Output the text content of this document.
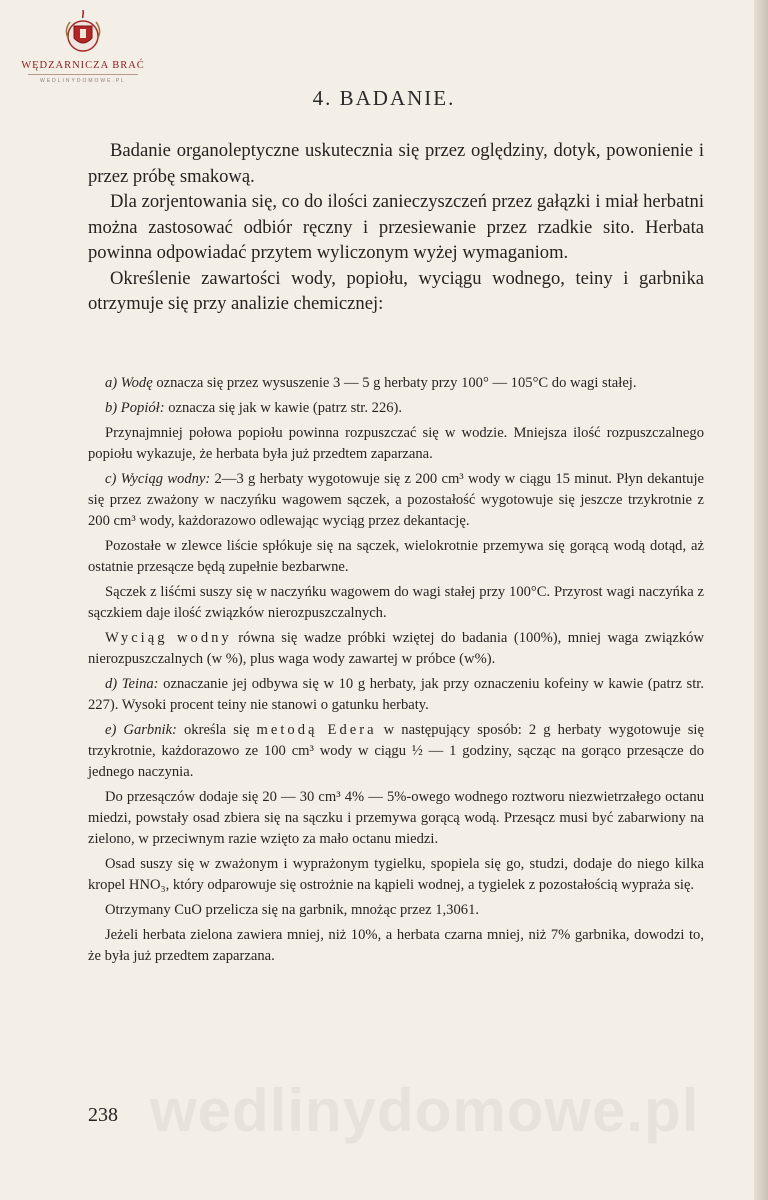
WĘDZARNICZA BRAĆ
WEDLINYDOMOWE.PL
4. BADANIE.

Badanie organoleptyczne uskutecznia się przez oględziny, dotyk, powonienie i przez próbę smakową.

Dla zorjentowania się, co do ilości zanieczyszczeń przez gałązki i miał herbatni można zastosować odbiór ręczny i przesiewanie przez rzadkie sito. Herbata powinna odpowiadać przytem wyliczonym wyżej wymaganiom.

Określenie zawartości wody, popiołu, wyciągu wodnego, teiny i garbnika otrzymuje się przy analizie chemicznej:

a) Wodę oznacza się przez wysuszenie 3 — 5 g herbaty przy 100° — 105°C do wagi stałej.

b) Popiół: oznacza się jak w kawie (patrz str. 226).

Przynajmniej połowa popiołu powinna rozpuszczać się w wodzie. Mniejsza ilość rozpuszczalnego popiołu wykazuje, że herbata była już przedtem zaparzana.

c) Wyciąg wodny: 2—3 g herbaty wygotowuje się z 200 cm³ wody w ciągu 15 minut. Płyn dekantuje się przez zważony w naczyńku wagowem sączek, a pozostałość wygotowuje się jeszcze trzykrotnie z 200 cm³ wody, każdorazowo odlewając wyciąg przez dekantację.

Pozostałe w zlewce liście spłókuje się na sączek, wielokrotnie przemywa się gorącą wodą dotąd, aż ostatnie przesącze będą zupełnie bezbarwne.

Sączek z liśćmi suszy się w naczyńku wagowem do wagi stałej przy 100°C. Przyrost wagi naczyńka z sączkiem daje ilość związków nierozpuszczalnych.

Wyciąg wodny równa się wadze próbki wziętej do badania (100%), mniej waga związków nierozpuszczalnych (w %), plus waga wody zawartej w próbce (w%).

d) Teina: oznaczanie jej odbywa się w 10 g herbaty, jak przy oznaczeniu kofeiny w kawie (patrz str. 227). Wysoki procent teiny nie stanowi o gatunku herbaty.

e) Garbnik: określa się metodą Edera w następujący sposób: 2 g herbaty wygotowuje się trzykrotnie, każdorazowo ze 100 cm³ wody w ciągu ½ — 1 godziny, sącząc na gorąco przesącze do jednego naczynia.

Do przesączów dodaje się 20 — 30 cm³ 4% — 5%-owego wodnego roztworu niezwietrzałego octanu miedzi, powstały osad zbiera się na sączku i przemywa gorącą wodą. Przesącz musi być zabarwiony na zielono, w przeciwnym razie wzięto za mało octanu miedzi.

Osad suszy się w zważonym i wyprażonym tygielku, spopiela się go, studzi, dodaje do niego kilka kropel HNO₃, który odparowuje się ostrożnie na kąpieli wodnej, a tygielek z pozostałością wypraża się.

Otrzymany CuO przelicza się na garbnik, mnożąc przez 1,3061.

Jeżeli herbata zielona zawiera mniej, niż 10%, a herbata czarna mniej, niż 7% garbnika, dowodzi to, że była już przedtem zaparzana.

wedlinydomowe.pl
238
